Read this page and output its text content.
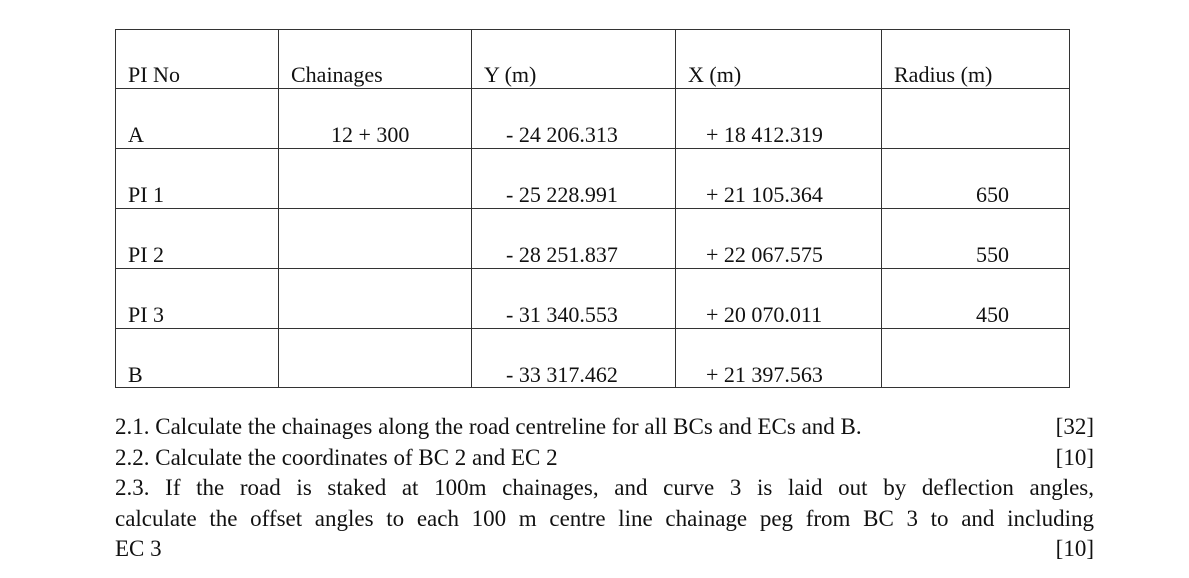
PI No	Chainages	Y (m)	X (m)	Radius (m)
A	12 + 300	- 24 206.313	+ 18 412.319	
PI 1		- 25 228.991	+ 21 105.364	650
PI 2		- 28 251.837	+ 22 067.575	550
PI 3		- 31 340.553	+ 20 070.011	450
B		- 33 317.462	+ 21 397.563	
2.1. Calculate the chainages along the road centreline for all BCs and ECs and B.	[32]
2.2. Calculate the coordinates of BC 2 and EC 2	[10]
2.3. If the road is staked at 100m chainages, and curve 3 is laid out by deflection angles,
calculate the offset angles to each 100 m centre line chainage peg from BC 3 to and including
EC 3	[10]
